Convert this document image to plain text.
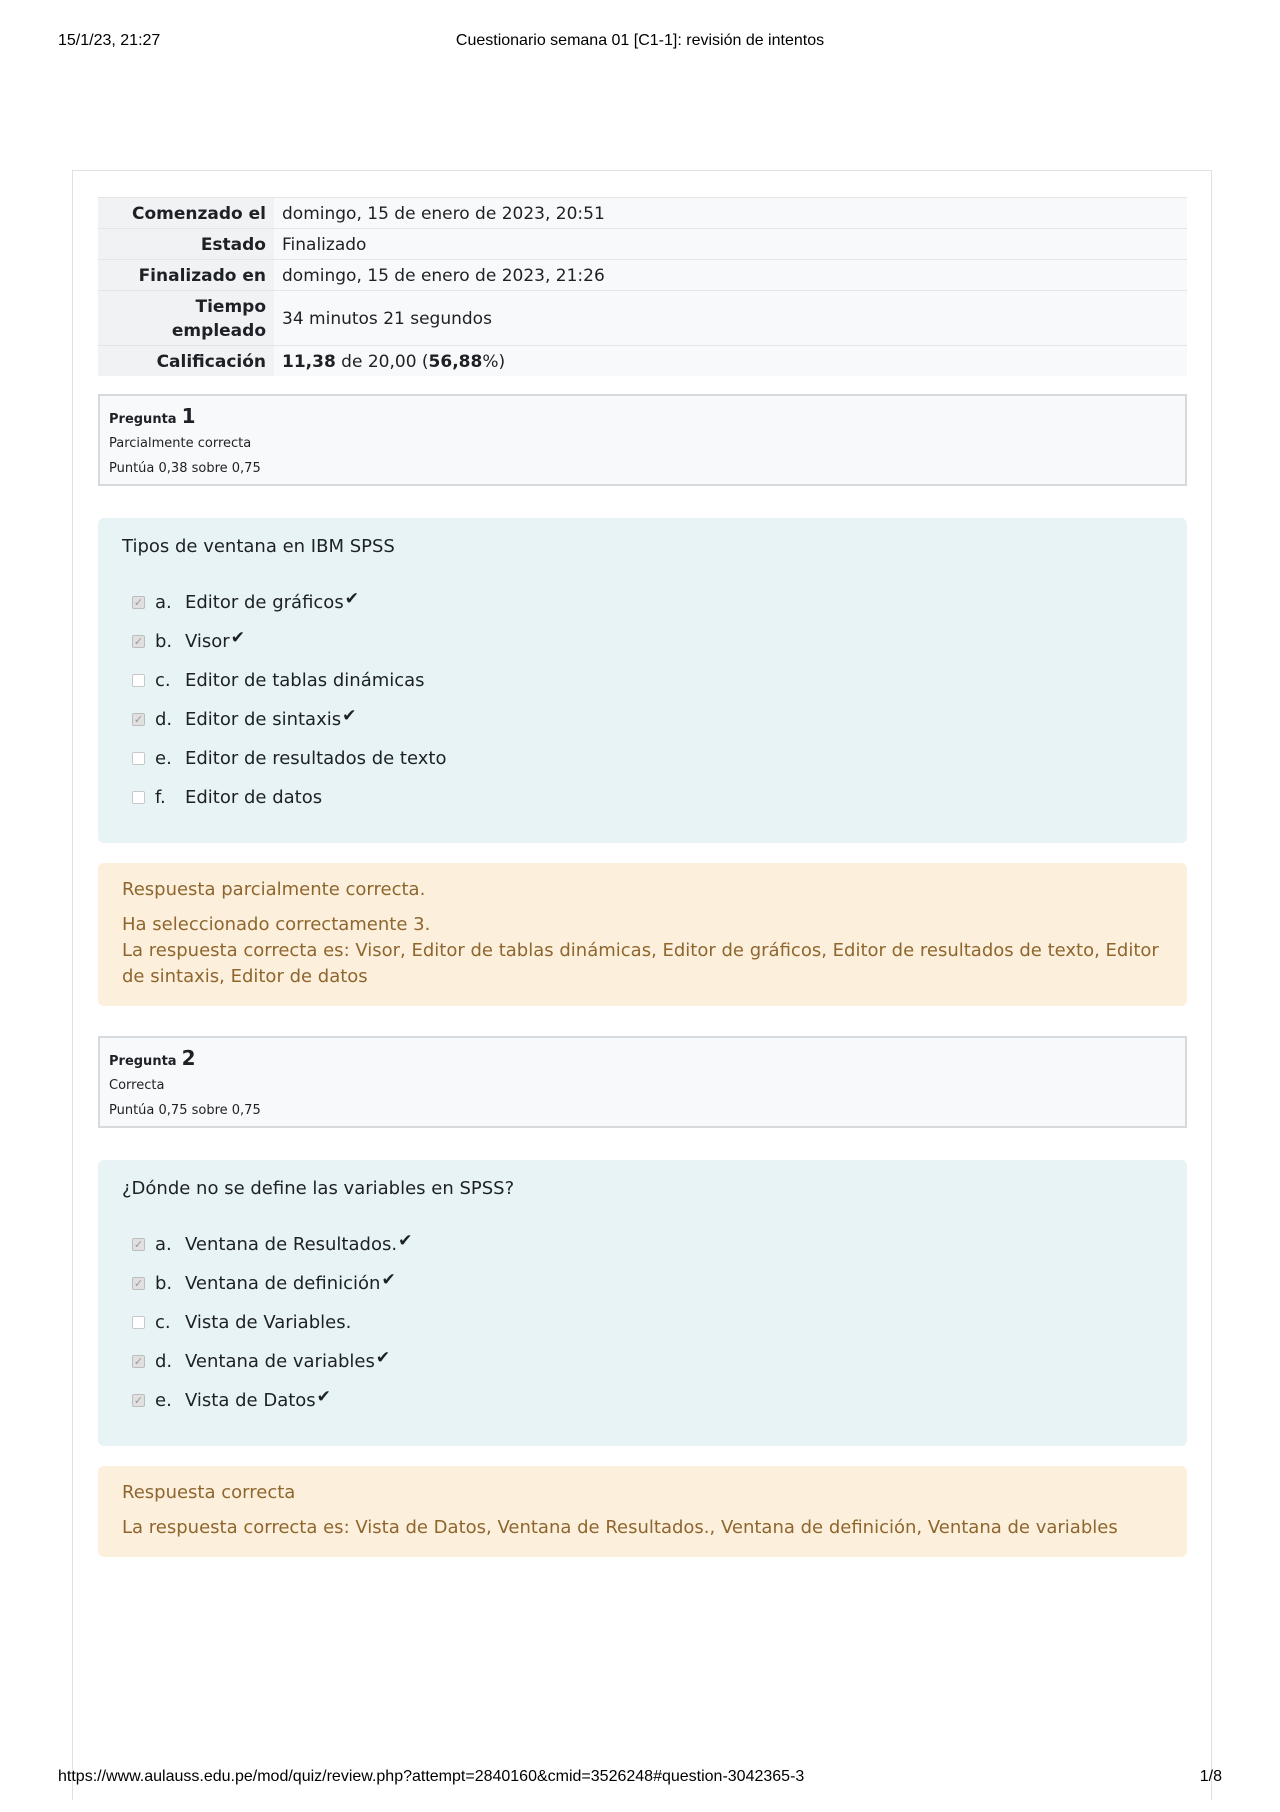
15/1/23, 21:27	Cuestionario semana 01 [C1-1]: revisión de intentos
Comenzado el	domingo, 15 de enero de 2023, 20:51
Estado	Finalizado
Finalizado en	domingo, 15 de enero de 2023, 21:26
Tiempo empleado	34 minutos 21 segundos
Calificación	11,38 de 20,00 (56,88%)
Pregunta 1
Parcialmente correcta
Puntúa 0,38 sobre 0,75
Tipos de ventana en IBM SPSS
✓ a. Editor de gráficos ✔
✓ b. Visor ✔
c. Editor de tablas dinámicas
✓ d. Editor de sintaxis ✔
e. Editor de resultados de texto
f.	Editor de datos
Respuesta parcialmente correcta.
Ha seleccionado correctamente 3.
La respuesta correcta es: Visor, Editor de tablas dinámicas, Editor de gráficos, Editor de resultados de texto, Editor de sintaxis, Editor de datos
Pregunta 2
Correcta
Puntúa 0,75 sobre 0,75
¿Dónde no se define las variables en SPSS?
✓ a. Ventana de Resultados. ✔
✓ b. Ventana de definición ✔
c. Vista de Variables.
✓ d. Ventana de variables ✔
✓ e. Vista de Datos ✔
Respuesta correcta
La respuesta correcta es: Vista de Datos, Ventana de Resultados., Ventana de definición, Ventana de variables
https://www.aulauss.edu.pe/mod/quiz/review.php?attempt=2840160&cmid=3526248#question-3042365-3	1/8
